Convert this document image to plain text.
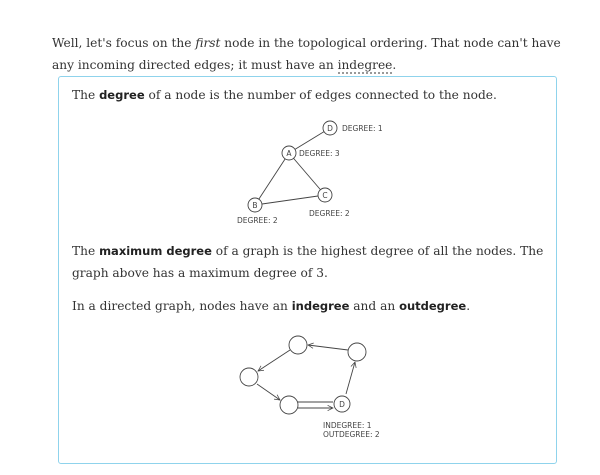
Well, let's focus on the first node in the topological ordering. That node can't have any incoming directed edges; it must have an indegree.
The degree of a node is the number of edges connected to the node.
The maximum degree of a graph is the highest degree of all the nodes. The graph above has a maximum degree of 3.
In a directed graph, nodes have an indegree and an outdegree.
A
B
C
D
DEGREE: 3
DEGREE: 2
DEGREE: 2
DEGREE: 1
D
INDEGREE: 1
OUTDEGREE: 2
